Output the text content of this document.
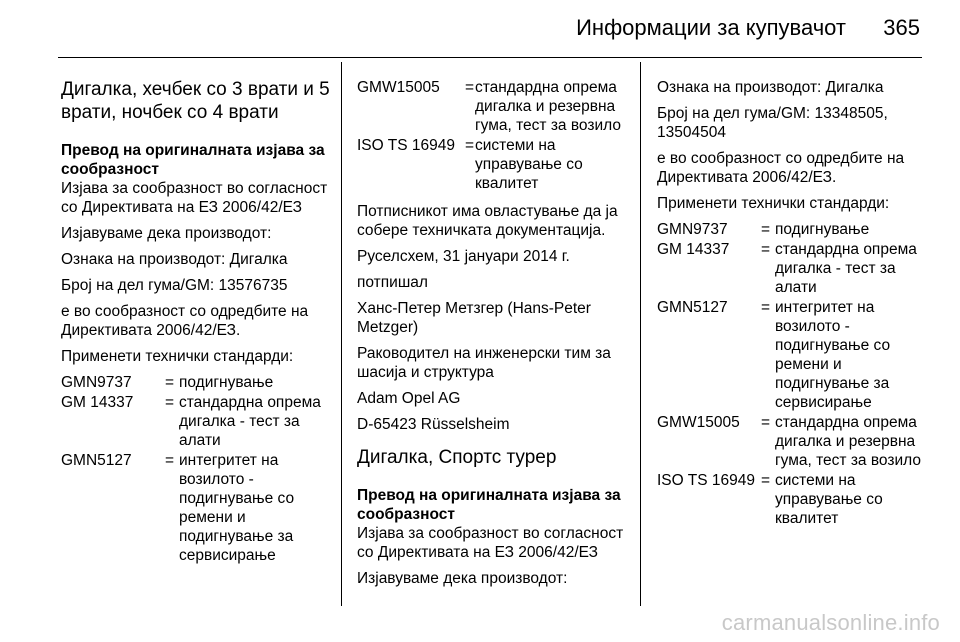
Информации за купувачот 365
Дигалка, хечбек со 3 врати и 5 врати, ночбек со 4 врати

Превод на оригиналната изјава за сообразност

Изјава за сообразност во согласност со Директивата на ЕЗ 2006/42/ЕЗ

Изјавуваме дека производот:

Ознака на производот: Дигалка

Број на дел гума/GM: 13576735

е во сообразност со одредбите на Директивата 2006/42/ЕЗ.

Применети технички стандарди:

GMN9737	= подигнување
GM 14337	= стандардна опрема дигалка - тест за алати
GMN5127	= интегритет на возилото - подигнување со ремени и подигнување за сервисирање
GMW15005	= стандардна опрема дигалка и резервна гума, тест за возило
ISO TS 16949 = системи на управување со квалитет

Потписникот има овластување да ја собере техничката документација.

Руселсхем, 31 јануари 2014 г.

потпишал

Ханс-Петер Метзгер (Hans-Peter Metzger)

Раководител на инженерски тим за шасија и структура

Adam Opel AG

D-65423 Rüsselsheim

Дигалка, Спортс турер

Превод на оригиналната изјава за сообразност

Изјава за сообразност во согласност со Директивата на ЕЗ 2006/42/ЕЗ

Изјавуваме дека производот:

Ознака на производот: Дигалка

Број на дел гума/GM: 13348505, 13504504

е во сообразност со одредбите на Директивата 2006/42/ЕЗ.

Применети технички стандарди:

GMN9737	= подигнување
GM 14337	= стандардна опрема дигалка - тест за алати
GMN5127	= интегритет на возилото - подигнување со ремени и подигнување за сервисирање
GMW15005	= стандардна опрема дигалка и резервна гума, тест за возило
ISO TS 16949 = системи на управување со квалитет
carmanualsonline.info
